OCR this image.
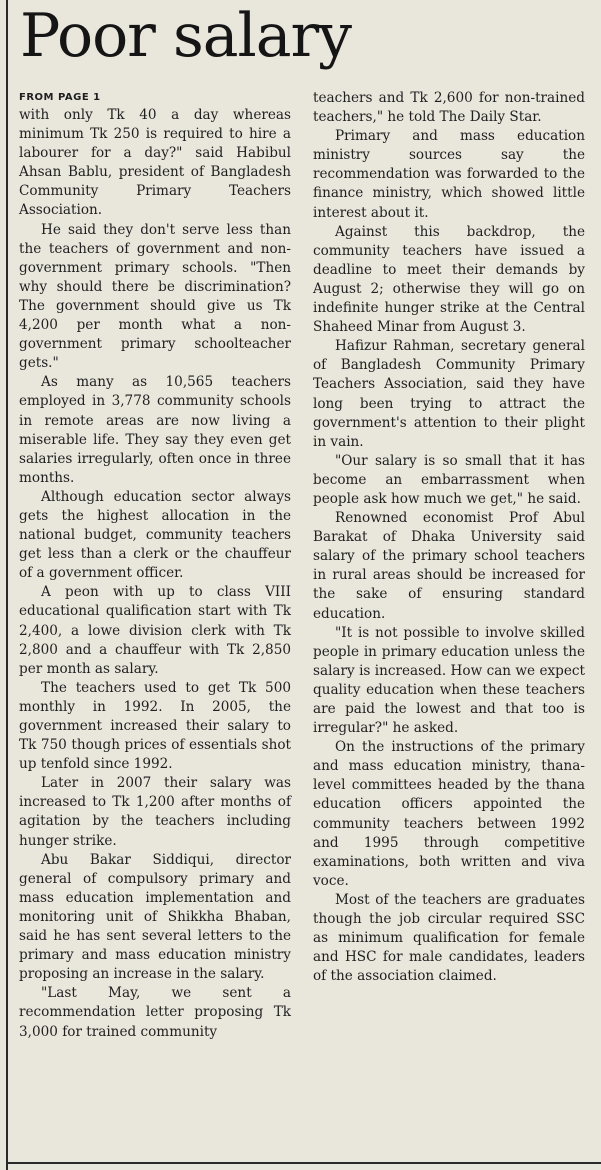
Poor salary
FROM PAGE 1

with only Tk 40 a day whereas minimum Tk 250 is required to hire a labourer for a day?" said Habibul Ahsan Bablu, president of Bangladesh Community Primary Teachers Association.

He said they don't serve less than the teachers of government and non-government primary schools. "Then why should there be discrimination? The government should give us Tk 4,200 per month what a non-government primary schoolteacher gets."

As many as 10,565 teachers employed in 3,778 community schools in remote areas are now living a miserable life. They say they even get salaries irregularly, often once in three months.

Although education sector always gets the highest allocation in the national budget, community teachers get less than a clerk or the chauffeur of a government officer.

A peon with up to class VIII educational qualification start with Tk 2,400, a lowe division clerk with Tk 2,800 and a chauffeur with Tk 2,850 per month as salary.

The teachers used to get Tk 500 monthly in 1992. In 2005, the government increased their salary to Tk 750 though prices of essentials shot up tenfold since 1992.

Later in 2007 their salary was increased to Tk 1,200 after months of agitation by the teachers including hunger strike.

Abu Bakar Siddiqui, director general of compulsory primary and mass education implementation and monitoring unit of Shikkha Bhaban, said he has sent several letters to the primary and mass education ministry proposing an increase in the salary.

"Last May, we sent a recommendation letter proposing Tk 3,000 for trained community

teachers and Tk 2,600 for non-trained teachers," he told The Daily Star.

Primary and mass education ministry sources say the recommendation was forwarded to the finance ministry, which showed little interest about it.

Against this backdrop, the community teachers have issued a deadline to meet their demands by August 2; otherwise they will go on indefinite hunger strike at the Central Shaheed Minar from August 3.

Hafizur Rahman, secretary general of Bangladesh Community Primary Teachers Association, said they have long been trying to attract the government's attention to their plight in vain.

"Our salary is so small that it has become an embarrassment when people ask how much we get," he said.

Renowned economist Prof Abul Barakat of Dhaka University said salary of the primary school teachers in rural areas should be increased for the sake of ensuring standard education.

"It is not possible to involve skilled people in primary education unless the salary is increased. How can we expect quality education when these teachers are paid the lowest and that too is irregular?" he asked.

On the instructions of the primary and mass education ministry, thana-level committees headed by the thana education officers appointed the community teachers between 1992 and 1995 through competitive examinations, both written and viva voce.

Most of the teachers are graduates though the job circular required SSC as minimum qualification for female and HSC for male candidates, leaders of the association claimed.
